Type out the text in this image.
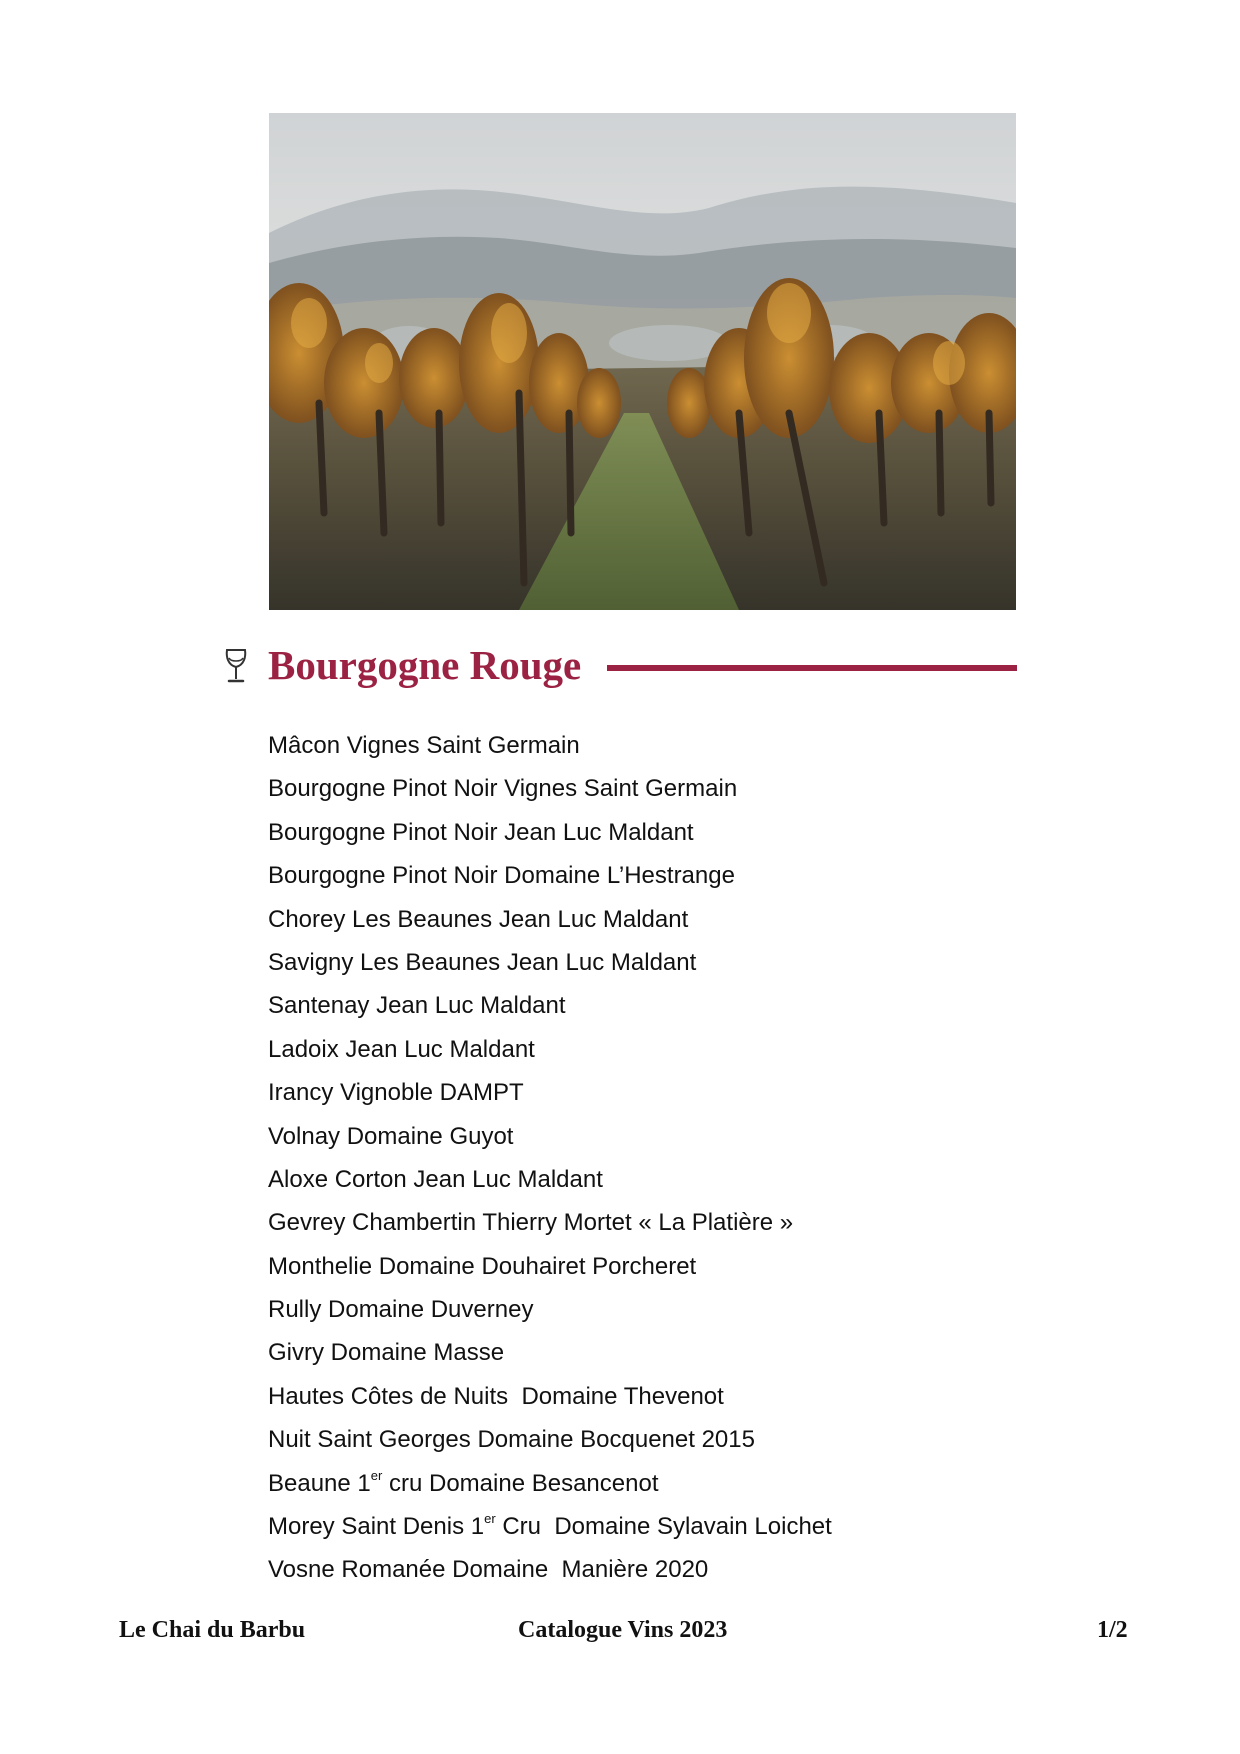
Bourgogne Rouge
Mâcon Vignes Saint Germain
Bourgogne Pinot Noir Vignes Saint Germain
Bourgogne Pinot Noir Jean Luc Maldant
Bourgogne Pinot Noir Domaine L’Hestrange
Chorey Les Beaunes Jean Luc Maldant
Savigny Les Beaunes Jean Luc Maldant
Santenay Jean Luc Maldant
Ladoix Jean Luc Maldant
Irancy Vignoble DAMPT
Volnay Domaine Guyot
Aloxe Corton Jean Luc Maldant
Gevrey Chambertin Thierry Mortet « La Platière »
Monthelie Domaine Douhairet Porcheret
Rully Domaine Duverney
Givry Domaine Masse
Hautes Côtes de Nuits  Domaine Thevenot
Nuit Saint Georges Domaine Bocquenet 2015
Beaune 1er cru Domaine Besancenot
Morey Saint Denis 1er Cru  Domaine Sylavain Loichet
Vosne Romanée Domaine  Manière 2020
Le Chai du Barbu	Catalogue Vins 2023	1/2
